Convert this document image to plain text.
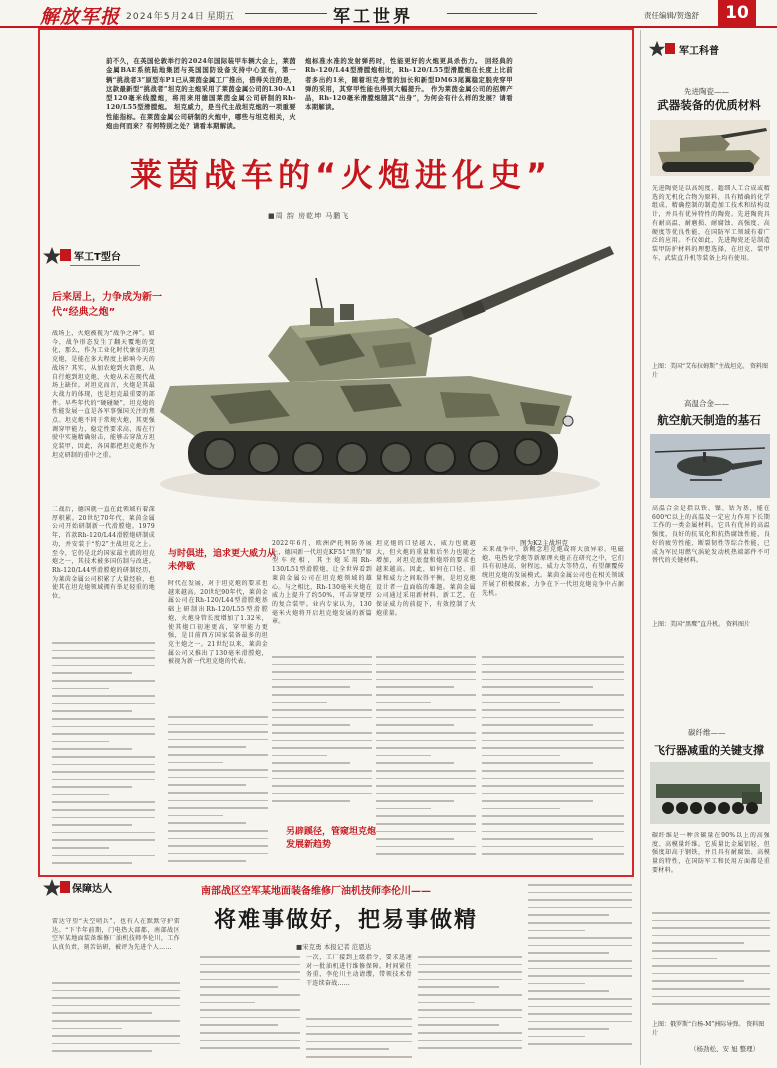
解放军报 2024年5月24日 星期五	军工世界	责任编辑/贺逸舒	10
前不久，在英国伦敦举行的2024年国际装甲车辆大会上，莱茵金属BAE系统陆地集团与英国国防设备支持中心宣布，第一辆“挑战者3”原型车P1已从莱茵金属工厂推出，借得关注的是，这款最新型“挑战者”坦克的主炮采用了莱茵金属公司的L30-A1型120毫米线膛炮，将用来用德国莱茵金属公司研制的Rh-120/L55型滑膛炮。 坦克威力，是当代主战坦克炮的一项重要性能指标。在莱茵金属公司研制的火炮中，哪些与坦克相关，火炮由何而来？有何特别之处？请看本期解读。
炮标准水准的发射弹药时，性能更好的火炮更具杀伤力。 回经典的Rh-120/L44型滑膛炮相比，Rh-120/L55型滑膛炮在长度上比前者多出约1米，随着坦克身管的加长和新型DM63尾翼稳定脱壳穿甲弹的采用，其穿甲性能也得到大幅提升。 作为莱茵金属公司的招牌产品，Rh-120毫米滑膛炮随其“出身”，为何会有什么样的发展？请看本期解读。
莱茵战车的“火炮进化史”
■周 韵 房乾坤 马鹏飞
军工T型台
图为K2主战坦克
后来居上，力争成为新一代“经典之炮”
战场上，火炮被视为“战争之神”。如今，战争形态发生了翻天覆地的变化，那么，作为工业化时代象征的坦克炮，是能在多大程度上影响今天的战场？其实，从加农炮到火箭炮，从自行炮到坦克炮，火炮从未在现代战场上缺位。对坦克而言，火炮是其最大战力的体现，也是坦克最重要的部件。早些年代的“硬碰硬”，坦克炮的性能发展一直是各军事强国关注的焦点。坦克炮不同于常规火炮，其更强调穿甲能力，稳定性要求高，需在行驶中实施精确射击，能够击穿敌方坦克装甲，因此，各国都把坦克炮作为坦克研制的重中之重。
二战后，德国就一直在此领域有着深厚积累。20世纪70年代，莱茵金属公司开始研制新一代滑膛炮。1979年，首款Rh-120/L44滑膛炮研制成功，并安装于“豹2”主战坦克之上。至今，它仍是北约国家最主流的坦克炮之一，其技术被多国仿制与改进。Rh-120/L44型滑膛炮的研制经历，为莱茵金属公司积累了大量经验，也使其在坦克炮领域拥有举足轻重的地位。
与时俱进，追求更大威力从未停歇
时代在发展，对于坦克炮的要求也越来越高。20世纪90年代，莱茵金属公司在Rh-120/L44型滑膛炮基础上研制出Rh-120/L55型滑膛炮，火炮身管长度增加了1.32米，使其炮口初速更高，穿甲能力更强，是目前西方国家装备最多的坦克主炮之一。21世纪以来，莱茵金属公司又推出了130毫米滑膛炮，被视为新一代坦克炮的代表。
2022年6月，欧洲萨托利防务展上，德国新一代坦克KF51“黑豹”原型车亮相，其主炮采用Rh-130/L51型滑膛炮，让全世界看到莱茵金属公司在坦克炮领域的雄心。与之相比，Rh-130毫米火炮在威力上提升了约50%，可击穿更厚的复合装甲。业内专家认为，130毫米火炮将开启坦克炮发展的新篇章。
另辟蹊径，管窥坦克炮发展新趋势
坦克炮的口径越大，威力也就越大，但火炮的重量和后坐力也随之增加，对坦克底盘和炮塔的要求也越来越高。因此，如何在口径、重量和威力之间取得平衡，是坦克炮设计者一直面临的难题。莱茵金属公司通过采用新材料、新工艺，在保证威力的前提下，有效控制了火炮重量。
未来战争中，新概念坦克炮或将大放异彩。电磁炮、电热化学炮等新原理火炮正在研究之中，它们具有初速高、射程远、威力大等特点，有望颠覆传统坦克炮的发展模式。莱茵金属公司也在相关领域开展了积极探索，力争在下一代坦克炮竞争中占据先机。
军工科普
先进陶瓷——
武器装备的优质材料
先进陶瓷是以高纯度、超细人工合成或精选的无机化合物为原料，具有精确的化学组成、精确控制的制造加工技术和结构设计，并具有优异特性的陶瓷。先进陶瓷具有耐高温、耐磨损、耐腐蚀、高强度、高硬度等优良性能，在国防军工领域有着广泛的应用。不仅如此，先进陶瓷还是制造装甲防护材料的理想选择，在坦克、装甲车、武装直升机等装备上均有使用。
上图：美国“艾布拉姆斯”主战坦克。 资料图片
高温合金——
航空航天制造的基石
高温合金是指以铁、镍、钴为基，能在600℃以上的高温及一定应力作用下长期工作的一类金属材料。它具有优异的高温强度，良好的抗氧化和抗热腐蚀性能，良好的疲劳性能、断裂韧性等综合性能，已成为军民用燃气涡轮发动机热端部件不可替代的关键材料。
上图：美国“黑鹰”直升机。 资料图片
碳纤维——
飞行器减重的关键支撑
碳纤维是一种含碳量在90%以上的高强度、高模量纤维。它质量比金属铝轻，但强度却高于钢铁，并且具有耐腐蚀、高模量的特性，在国防军工和民用方面都是重要材料。
上图：俄罗斯“白杨-M”洲际导弹。 资料图片
（杨劲松、安 旭 整理）
保障达人	南部战区空军某地面装备维修厂油机技师李伦川——
将难事做好，把易事做精
■宋克勇 本报记者 范恩达
雷达守望“天空哨兵”，也有人在默默守护雷达。“下半年前期，门电热大部都，南部战区空军某地面装备维修厂油机技师李伦川，工作认真负责，刻苦钻研，被评为先进个人……
一次，工厂接到上级指令，要求迅速对一批油机进行维修保障。时间紧任务重，李伦川主动请缨，带领技术骨干连续奋战……
